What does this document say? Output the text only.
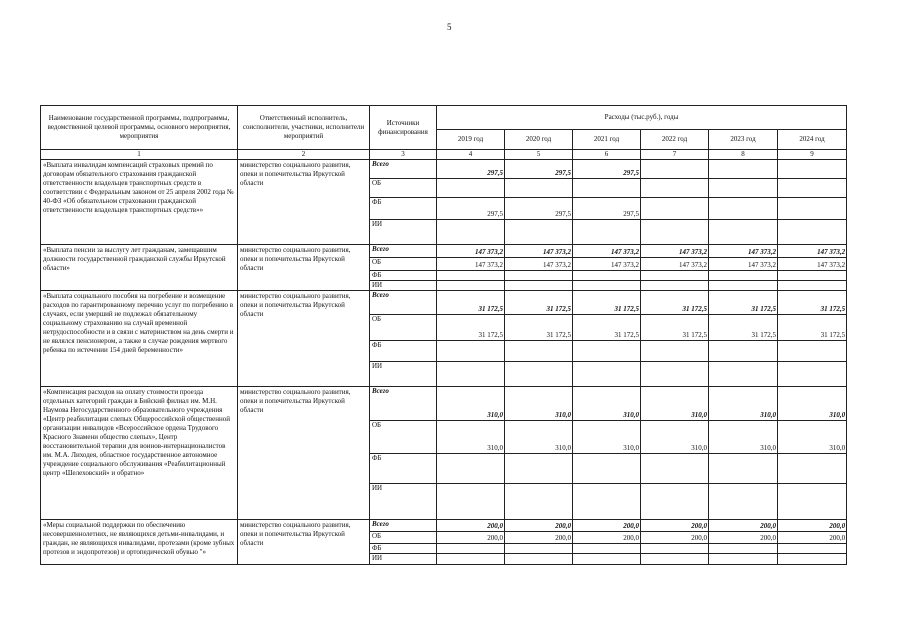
5
Наименование государственной программы, подпрограммы, ведомственной целевой программы, основного мероприятия, мероприятия	Ответственный исполнитель, соисполнители, участники, исполнители мероприятий	Источники финансирования	Расходы (тыс.руб.), годы					
			2019 год	2020 год	2021 год	2022 год	2023 год	2024 год
1	2	3	4	5	6	7	8	9
«Выплата инвалидам компенсаций страховых премий по договорам обязательного страхования гражданской ответственности владельцев транспортных средств в соответствии с Федеральным законом от 25 апреля 2002 года № 40-ФЗ «Об обязательном страховании гражданской ответственности владельцев транспортных средств»»	министерство социального развития, опеки и попечительства Иркутской области	Всего	297,5	297,5	297,5			
		ОБ						
		ФБ	297,5	297,5	297,5			
		ИИ						
«Выплата пенсии за выслугу лет гражданам, замещавшим должности государственной гражданской службы Иркутской области»	министерство социального развития, опеки и попечительства Иркутской области	Всего	147 373,2	147 373,2	147 373,2	147 373,2	147 373,2	147 373,2
		ОБ	147 373,2	147 373,2	147 373,2	147 373,2	147 373,2	147 373,2
		ФБ						
		ИИ						
«Выплата социального пособия на погребение и возмещение расходов по гарантированному перечню услуг по погребению в случаях, если умерший не подлежал обязательному социальному страхованию на случай временной нетрудоспособности и в связи с материнством на день смерти и не являлся пенсионером, а также в случае рождения мертвого ребенка по истечении 154 дней беременности»	министерство социального развития, опеки и попечительства Иркутской области	Всего	31 172,5	31 172,5	31 172,5	31 172,5	31 172,5	31 172,5
		ОБ	31 172,5	31 172,5	31 172,5	31 172,5	31 172,5	31 172,5
		ФБ						
		ИИ						
«Компенсация расходов на оплату стоимости проезда отдельных категорий граждан в Бийский филиал им. М.Н. Наумова Негосударственного образовательного учреждения «Центр реабилитации слепых Общероссийской общественной организации инвалидов «Всероссийское ордена Трудового Красного Знамени общество слепых», Центр восстановительной терапии для воинов-интернационалистов им. М.А. Лиходея, областное государственное автономное учреждение социального обслуживания «Реабилитационный центр «Шелеховский» и обратно»	министерство социального развития, опеки и попечительства Иркутской области	Всего	310,0	310,0	310,0	310,0	310,0	310,0
		ОБ	310,0	310,0	310,0	310,0	310,0	310,0
		ФБ						
		ИИ						
«Меры социальной поддержки по обеспечению несовершеннолетних, не являющихся детьми-инвалидами, и граждан, не являющихся инвалидами, протезами (кроме зубных протезов и эндопротезов) и ортопедической обувью "»	министерство социального развития, опеки и попечительства Иркутской области	Всего	200,0	200,0	200,0	200,0	200,0	200,0
		ОБ	200,0	200,0	200,0	200,0	200,0	200,0
		ФБ						
		ИИ						
